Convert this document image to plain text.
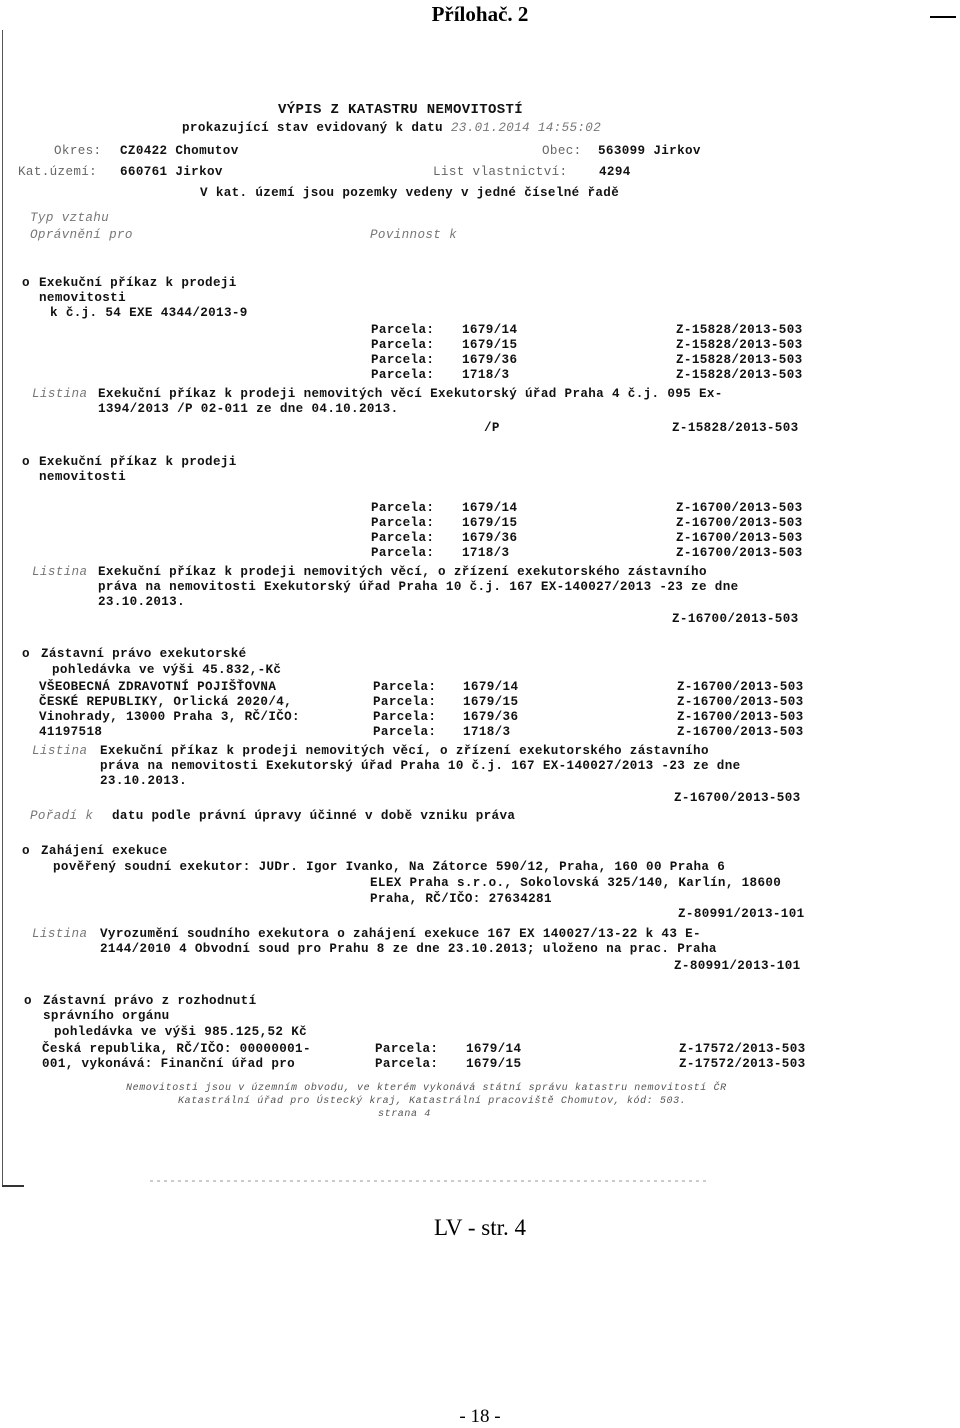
Přílohač. 2
VÝPIS Z KATASTRU NEMOVITOSTÍ
prokazující stav evidovaný k datu 23.01.2014 14:55:02
Okres: CZ0422 Chomutov	Obec: 563099 Jirkov
Kat.území: 660761 Jirkov	List vlastnictví:	4294
V kat. území jsou pozemky vedeny v jedné číselné řadě
Typ vztahu
Oprávnění pro	Povinnost k
o Exekuční příkaz k prodeji
nemovitosti
k č.j. 54 EXE 4344/2013-9
Parcela: 1679/14	Z-15828/2013-503
Parcela: 1679/15	Z-15828/2013-503
Parcela: 1679/36	Z-15828/2013-503
Parcela: 1718/3	Z-15828/2013-503
Listina Exekuční příkaz k prodeji nemovitých věcí Exekutorský úřad Praha 4 č.j. 095 Ex-
1394/2013 /P 02-011 ze dne 04.10.2013.
/P	Z-15828/2013-503
o Exekuční příkaz k prodeji
nemovitosti
Parcela: 1679/14	Z-16700/2013-503
Parcela: 1679/15	Z-16700/2013-503
Parcela: 1679/36	Z-16700/2013-503
Parcela: 1718/3	Z-16700/2013-503
Listina Exekuční příkaz k prodeji nemovitých věcí, o zřízení exekutorského zástavního
práva na nemovitosti Exekutorský úřad Praha 10 č.j. 167 EX-140027/2013 -23 ze dne
23.10.2013.
Z-16700/2013-503
o Zástavní právo exekutorské
pohledávka ve výši 45.832,-Kč
VŠEOBECNÁ ZDRAVOTNÍ POJIŠŤOVNA
ČESKÉ REPUBLIKY, Orlická 2020/4,
Vinohrady, 13000 Praha 3, RČ/IČO:
41197518
Parcela: 1679/14	Z-16700/2013-503
Parcela: 1679/15	Z-16700/2013-503
Parcela: 1679/36	Z-16700/2013-503
Parcela: 1718/3	Z-16700/2013-503
Listina Exekuční příkaz k prodeji nemovitých věcí, o zřízení exekutorského zástavního
práva na nemovitosti Exekutorský úřad Praha 10 č.j. 167 EX-140027/2013 -23 ze dne
23.10.2013.
Z-16700/2013-503
Pořadí k datu podle právní úpravy účinné v době vzniku práva
o Zahájení exekuce
pověřený soudní exekutor: JUDr. Igor Ivanko, Na Zátorce 590/12, Praha, 160 00 Praha 6
ELEX Praha s.r.o., Sokolovská 325/140, Karlín, 18600
Praha, RČ/IČO: 27634281
Z-80991/2013-101
Listina Vyrozumění soudního exekutora o zahájení exekuce 167 EX 140027/13-22 k 43 E-
2144/2010 4 Obvodní soud pro Prahu 8 ze dne 23.10.2013; uloženo na prac. Praha
Z-80991/2013-101
o Zástavní právo z rozhodnutí
správního orgánu
pohledávka ve výši 985.125,52 Kč
Česká republika, RČ/IČO: 00000001-
001, vykonává: Finanční úřad pro
Parcela: 1679/14	Z-17572/2013-503
Parcela: 1679/15	Z-17572/2013-503
Nemovitosti jsou v územním obvodu, ve kterém vykonává státní správu katastru nemovitostí ČR
Katastrální úřad pro Ústecký kraj, Katastrální pracoviště Chomutov, kód: 503.
strana 4
LV - str. 4
- 18 -
